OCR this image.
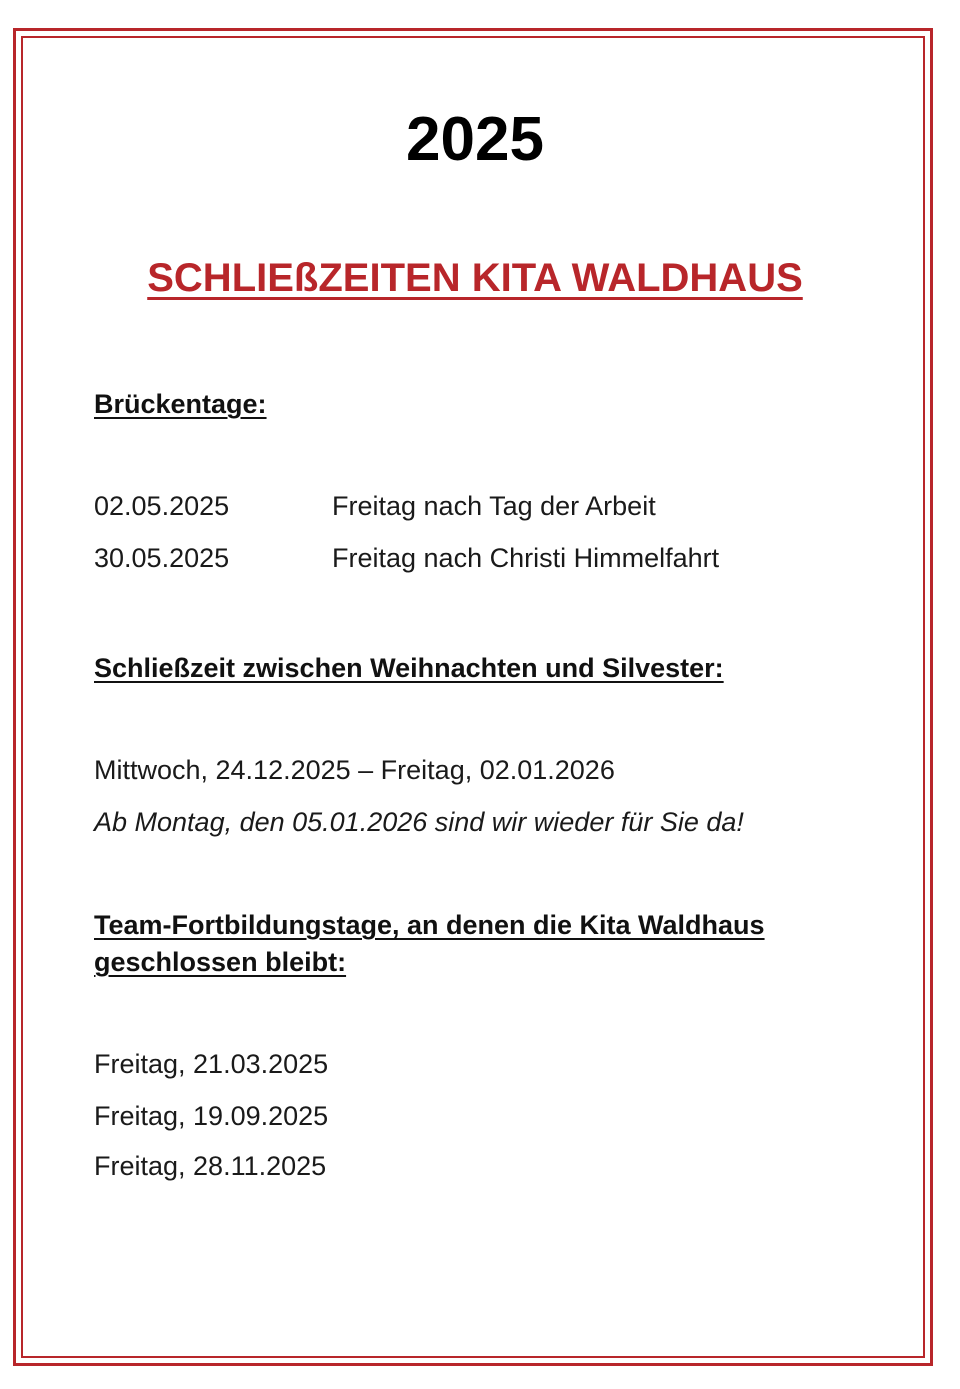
2025
SCHLIEßZEITEN KITA WALDHAUS
Brückentage:
02.05.2025	Freitag nach Tag der Arbeit
30.05.2025	Freitag nach Christi Himmelfahrt
Schließzeit zwischen Weihnachten und Silvester:
Mittwoch, 24.12.2025 – Freitag, 02.01.2026
Ab Montag, den 05.01.2026 sind wir wieder für Sie da!
Team-Fortbildungstage, an denen die Kita Waldhaus
geschlossen bleibt:
Freitag, 21.03.2025
Freitag, 19.09.2025
Freitag, 28.11.2025
